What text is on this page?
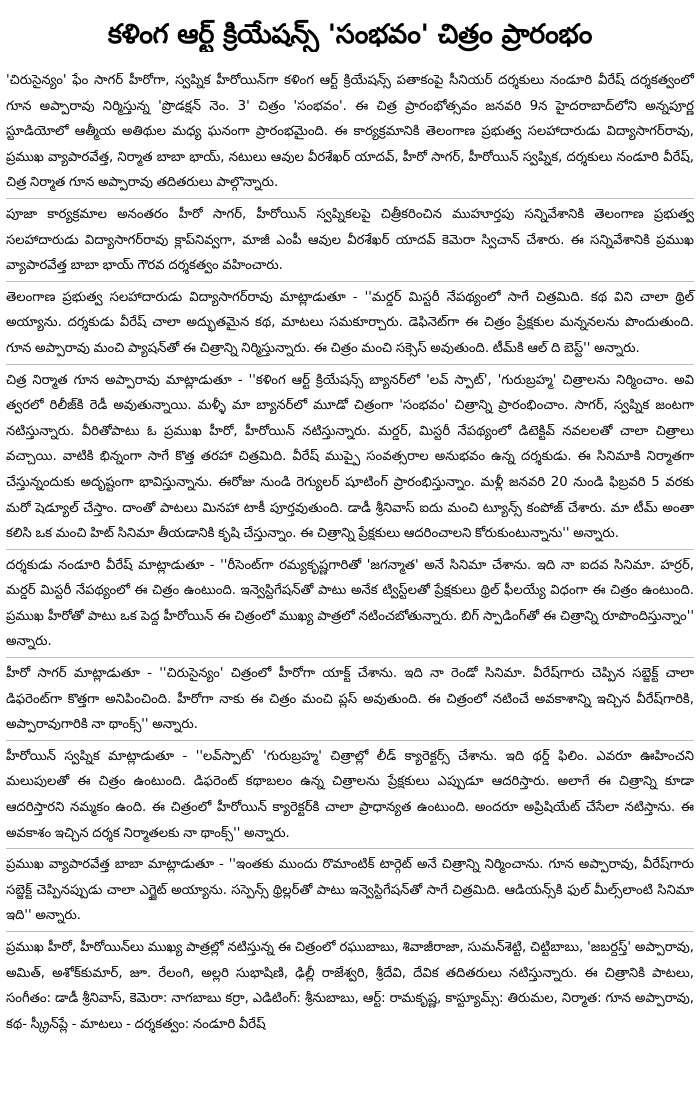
కళింగ ఆర్ట్ క్రియేషన్స్ 'సంభవం' చిత్రం ప్రారంభం

'చిరుసైన్యం' ఫేం సాగర్ హీరోగా, స్వప్నిక హీరోయిన్‌గా కళింగ ఆర్ట్ క్రియేషన్స్ పతాకంపై సీనియర్ దర్శకులు నండూరి వీరేష్ దర్శకత్వంలో గూన అప్పారావు నిర్మిస్తున్న 'ప్రొడక్షన్ నెం. 3' చిత్రం 'సంభవం'. ఈ చిత్ర ప్రారంభోత్సవం జనవరి 9న హైదరాబాద్‌లోని అన్నపూర్ణ స్టూడియోలో ఆత్మీయ అతిథుల మధ్య ఘనంగా ప్రారంభమైంది. ఈ కార్యక్రమానికి తెలంగాణ ప్రభుత్వ సలహాదారుడు విద్యాసాగర్‌రావు, ప్రముఖ వ్యాపారవేత్త, నిర్మాత బాబా భాయ్, నటులు ఆవుల వీరశేఖర్ యాదవ్, హీరో సాగర్, హీరోయిన్ స్వప్నిక, దర్శకులు నండూరి వీరేష్, చిత్ర నిర్మాత గూన అప్పారావు తదితరులు పాల్గొన్నారు.

పూజా కార్యక్రమాల అనంతరం హీరో సాగర్, హీరోయిన్ స్వప్నికలపై చిత్రీకరించిన ముహూర్తపు సన్నివేశానికి తెలంగాణ ప్రభుత్వ సలహాదారుడు విద్యాసాగర్‌రావు క్లాప్‌నివ్వగా, మాజీ ఎంపీ ఆవుల వీరశేఖర్ యాదవ్ కెమెరా స్విచాన్ చేశారు. ఈ సన్నివేశానికి ప్రముఖ వ్యాపారవేత్త బాబా భాయ్ గౌరవ దర్శకత్వం వహించారు.

తెలంగాణ ప్రభుత్వ సలహాదారుడు విద్యాసాగర్‌రావు మాట్లాడుతూ - ''మర్డర్ మిస్టరీ నేపథ్యంలో సాగే చిత్రమిది. కథ విని చాలా థ్రిల్ అయ్యాను. దర్శకుడు వీరేష్ చాలా అద్భుతమైన కథ, మాటలు సమకూర్చారు. డెఫినెట్‌గా ఈ చిత్రం ప్రేక్షకుల మన్ననలను పొందుతుంది. గూన అప్పారావు మంచి ప్యాషన్‌తో ఈ చిత్రాన్ని నిర్మిస్తున్నారు. ఈ చిత్రం మంచి సక్సెస్ అవుతుంది. టీమ్‌కి ఆల్ ది బెస్ట్'' అన్నారు.

చిత్ర నిర్మాత గూన అప్పారావు మాట్లాడుతూ - ''కళింగ ఆర్ట్ క్రియేషన్స్ బ్యానర్‌లో 'లవ్ స్పాట్', 'గురుబ్రహ్మ' చిత్రాలను నిర్మించాం. అవి త్వరలో రిలీజ్‌కి రెడీ అవుతున్నాయి. మళ్ళీ మా బ్యానర్‌లో మూడో చిత్రంగా 'సంభవం' చిత్రాన్ని ప్రారంభించాం. సాగర్, స్వప్నిక జంటగా నటిస్తున్నారు. వీరితోపాటు ఓ ప్రముఖ హీరో, హీరోయిన్ నటిస్తున్నారు. మర్డర్, మిస్టరీ నేపథ్యంలో డిటెక్టివ్ నవలలతో చాలా చిత్రాలు వచ్చాయి. వాటికి భిన్నంగా సాగే కొత్త తరహా చిత్రమిది. వీరేష్ ముప్పై సంవత్సరాల అనుభవం ఉన్న దర్శకుడు. ఈ సినిమాకి నిర్మాతగా చేస్తున్నందుకు అదృష్టంగా భావిస్తున్నాను. ఈరోజు నుండి రెగ్యులర్ షూటింగ్ ప్రారంభిస్తున్నాం. మళ్లీ జనవరి 20 నుండి ఫిబ్రవరి 5 వరకు మరో షెడ్యూల్ చేస్తాం. దాంతో పాటలు మినహా టాకీ పూర్తవుతుంది. డాడీ శ్రీనివాస్ ఐదు మంచి ట్యూన్స్ కంపోజ్ చేశారు. మా టీమ్ అంతా కలిసి ఒక మంచి హిట్ సినిమా తీయడానికి కృషి చేస్తున్నాం. ఈ చిత్రాన్ని ప్రేక్షకులు ఆదరించాలని కోరుకుంటున్నాను'' అన్నారు.

దర్శకుడు నండూరి వీరేష్ మాట్లాడుతూ - ''రీసెంట్‌గా రమ్యకృష్ణగారితో 'జగన్మాత' అనే సినిమా చేశాను. ఇది నా ఐదవ సినిమా. హర్రర్, మర్డర్ మిస్టరీ నేపథ్యంలో ఈ చిత్రం ఉంటుంది. ఇన్వెస్టిగేషన్‌తో పాటు అనేక ట్విస్ట్‌లతో ప్రేక్షకులు థ్రిల్ ఫీలయ్యే విధంగా ఈ చిత్రం ఉంటుంది. ప్రముఖ హీరోతో పాటు ఒక పెద్ద హీరోయిన్ ఈ చిత్రంలో ముఖ్య పాత్రలో నటించబోతున్నారు. బిగ్ స్పాడింగ్‌తో ఈ చిత్రాన్ని రూపొందిస్తున్నాం'' అన్నారు.

హీరో సాగర్ మాట్లాడుతూ - ''చిరుసైన్యం' చిత్రంలో హీరోగా యాక్ట్ చేశాను. ఇది నా రెండో సినిమా. వీరేష్‌గారు చెప్పిన సబ్జెక్ట్ చాలా డిఫరెంట్‌గా కొత్తగా అనిపించింది. హీరోగా నాకు ఈ చిత్రం మంచి ప్లస్ అవుతుంది. ఈ చిత్రంలో నటించే అవకాశాన్ని ఇచ్చిన వీరేష్‌గారికి, అప్పారావుగారికి నా థాంక్స్'' అన్నారు.

హీరోయిన్ స్వప్నిక మాట్లాడుతూ - ''లవ్‌స్పాట్' 'గురుబ్రహ్మ' చిత్రాల్లో లీడ్ క్యారెక్టర్స్ చేశాను. ఇది థర్డ్ ఫిలిం. ఎవరూ ఊహించని మలుపులతో ఈ చిత్రం ఉంటుంది. డిఫరెంట్ కథాబలం ఉన్న చిత్రాలను ప్రేక్షకులు ఎప్పుడూ ఆదరిస్తారు. అలాగే ఈ చిత్రాన్ని కూడా ఆదరిస్తారని నమ్మకం ఉంది. ఈ చిత్రంలో హీరోయిన్ క్యారెక్టర్‌కి చాలా ప్రాధాన్యత ఉంటుంది. అందరూ అప్రిషియేట్ చేసేలా నటిస్తాను. ఈ అవకాశం ఇచ్చిన దర్శక నిర్మాతలకు నా థాంక్స్'' అన్నారు.

ప్రముఖ వ్యాపారవేత్త బాబా మాట్లాడుతూ - ''ఇంతకు ముందు రొమాంటిక్ టార్గెట్ అనే చిత్రాన్ని నిర్మించాను. గూన అప్పారావు, వీరేష్‌గారు సబ్జెక్ట్ చెప్పినప్పుడు చాలా ఎగ్జైట్ అయ్యాను. సస్పెన్స్ థ్రిల్లర్‌తో పాటు ఇన్వెస్టిగేషన్‌తో సాగే చిత్రమిది. ఆడియన్స్‌కి ఫుల్ మీల్స్‌లాంటి సినిమా ఇది'' అన్నారు.

ప్రముఖ హీరో, హీరోయిన్‌లు ముఖ్య పాత్రల్లో నటిస్తున్న ఈ చిత్రంలో రఘుబాబు, శివాజీరాజా, సుమన్‌శెట్టి, చిట్టిబాబు, 'జబర్దస్త్' అప్పారావు, అమిత్, అశోక్‌కుమార్, జూ. రేలంగి, అల్లరి సుభాషిణి, ఢిల్లీ రాజేశ్వరి, శ్రీదేవి, దేవిక తదితరులు నటిస్తున్నారు. ఈ చిత్రానికి పాటలు, సంగీతం: డాడీ శ్రీనివాస్, కెమెరా: నాగబాబు కర్రా, ఎడిటింగ్: శ్రీనుబాబు, ఆర్ట్: రామకృష్ణ, కాస్ట్యూమ్స్: తిరుమల, నిర్మాత: గూన అప్పారావు, కథ- స్క్రీన్‌ప్లే - మాటలు - దర్శకత్వం: నండూరి వీరేష్
